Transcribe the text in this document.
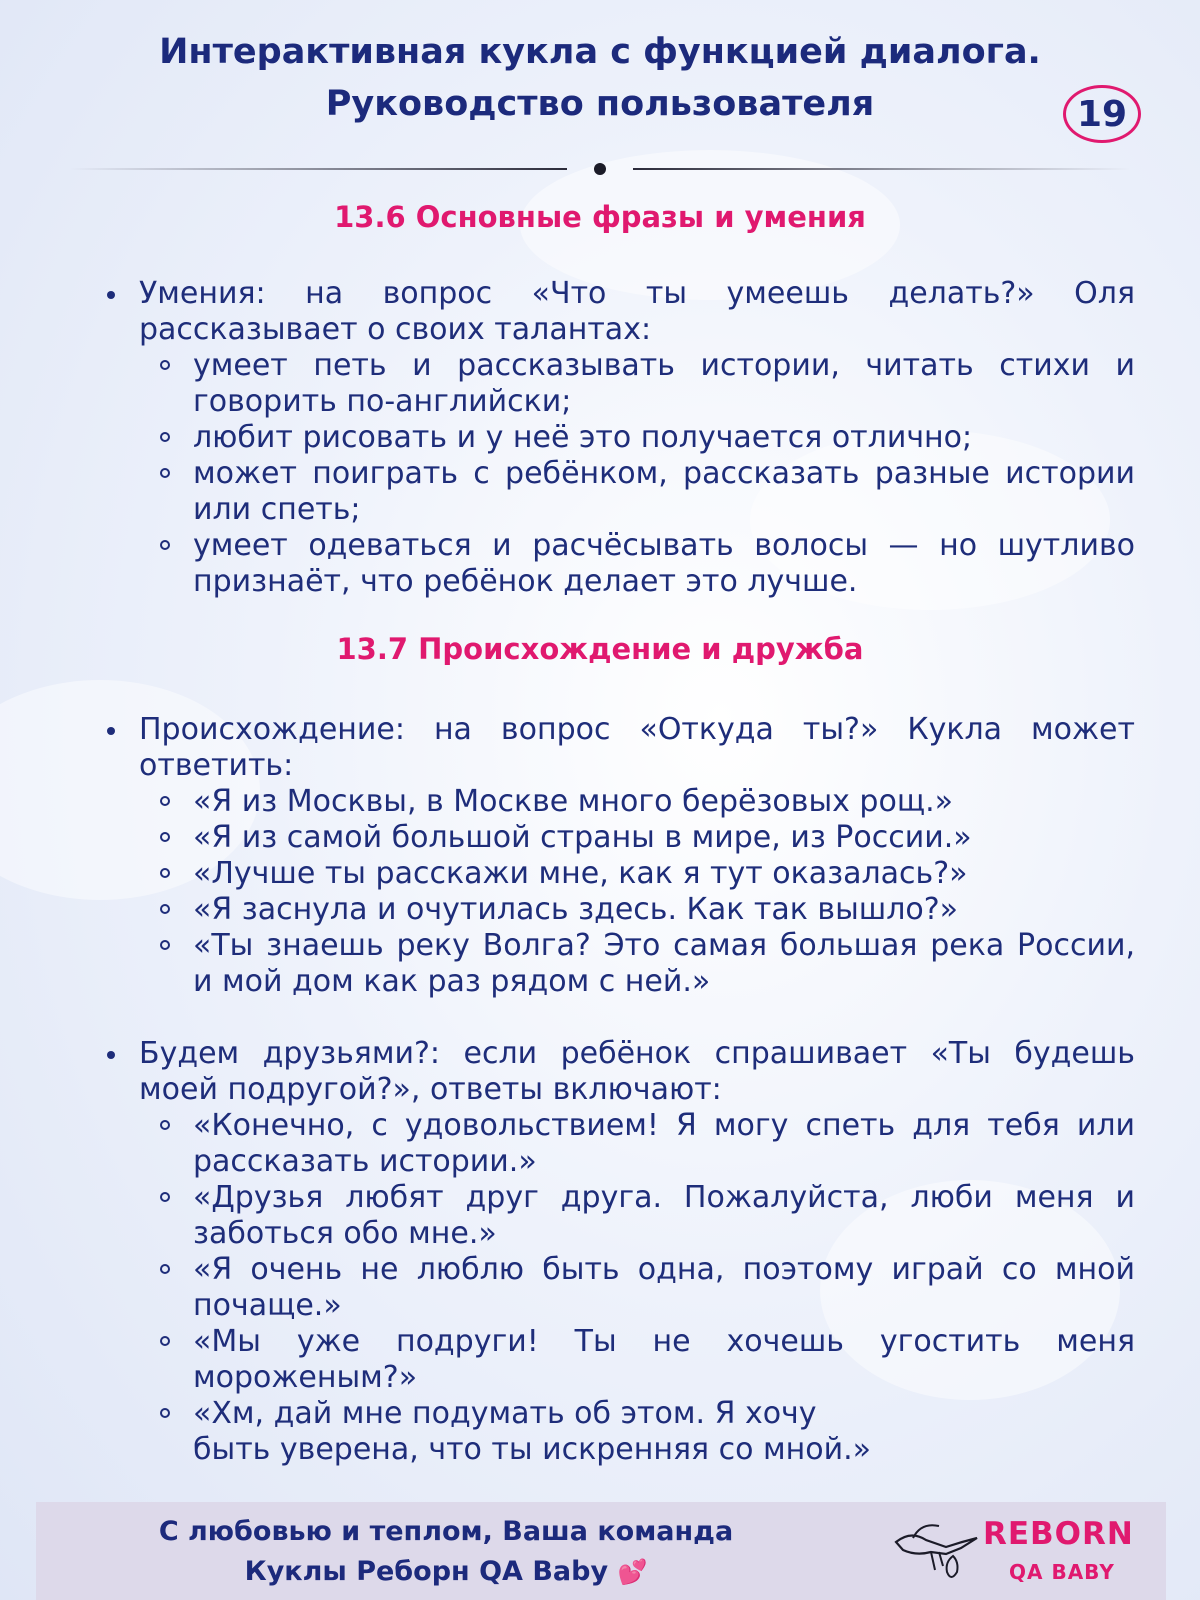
Интерактивная кукла с функцией диалога.
Руководство пользователя	19
13.6 Основные фразы и умения
Умения: на вопрос «Что ты умеешь делать?» Оля рассказывает о своих талантах:
умеет петь и рассказывать истории, читать стихи и говорить по-английски;
любит рисовать и у неё это получается отлично;
может поиграть с ребёнком, рассказать разные истории или спеть;
умеет одеваться и расчёсывать волосы — но шутливо признаёт, что ребёнок делает это лучше.
13.7 Происхождение и дружба
Происхождение: на вопрос «Откуда ты?» Кукла может ответить:
«Я из Москвы, в Москве много берёзовых рощ.»
«Я из самой большой страны в мире, из России.»
«Лучше ты расскажи мне, как я тут оказалась?»
«Я заснула и очутилась здесь. Как так вышло?»
«Ты знаешь реку Волга? Это самая большая река России, и мой дом как раз рядом с ней.»
Будем друзьями?: если ребёнок спрашивает «Ты будешь моей подругой?», ответы включают:
«Конечно, с удовольствием! Я могу спеть для тебя или рассказать истории.»
«Друзья любят друг друга. Пожалуйста, люби меня и заботься обо мне.»
«Я очень не люблю быть одна, поэтому играй со мной почаще.»
«Мы уже подруги! Ты не хочешь угостить меня мороженым?»
«Хм, дай мне подумать об этом. Я хочу
быть уверена, что ты искренняя со мной.»
С любовью и теплом, Ваша команда
Куклы Реборн QA Baby 💕
REBORN
QA BABY
